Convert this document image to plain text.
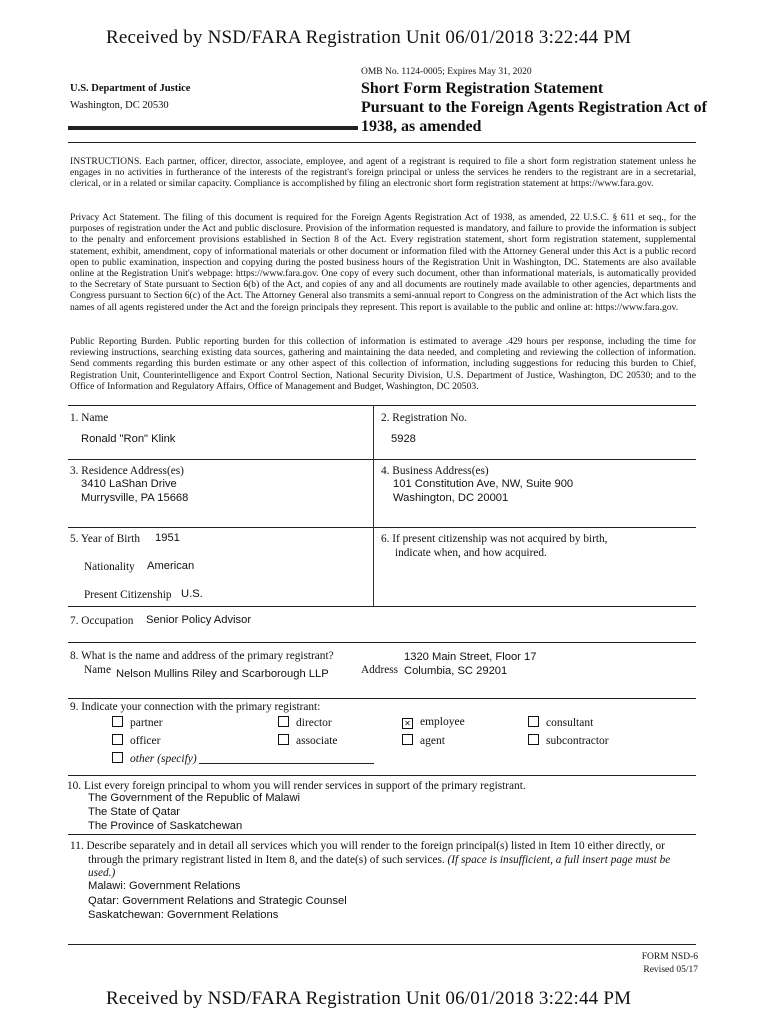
Received by NSD/FARA Registration Unit 06/01/2018 3:22:44 PM
U.S. Department of Justice
Washington, DC 20530
OMB No. 1124-0005; Expires May 31, 2020
Short Form Registration Statement
Pursuant to the Foreign Agents Registration Act of
1938, as amended
INSTRUCTIONS. Each partner, officer, director, associate, employee, and agent of a registrant is required to file a short form registration statement unless he engages in no activities in furtherance of the interests of the registrant's foreign principal or unless the services he renders to the registrant are in a secretarial, clerical, or in a related or similar capacity. Compliance is accomplished by filing an electronic short form registration statement at https://www.fara.gov.
Privacy Act Statement. The filing of this document is required for the Foreign Agents Registration Act of 1938, as amended, 22 U.S.C. § 611 et seq., for the purposes of registration under the Act and public disclosure. Provision of the information requested is mandatory, and failure to provide the information is subject to the penalty and enforcement provisions established in Section 8 of the Act. Every registration statement, short form registration statement, supplemental statement, exhibit, amendment, copy of informational materials or other document or information filed with the Attorney General under this Act is a public record open to public examination, inspection and copying during the posted business hours of the Registration Unit in Washington, DC. Statements are also available online at the Registration Unit's webpage: https://www.fara.gov. One copy of every such document, other than informational materials, is automatically provided to the Secretary of State pursuant to Section 6(b) of the Act, and copies of any and all documents are routinely made available to other agencies, departments and Congress pursuant to Section 6(c) of the Act. The Attorney General also transmits a semi-annual report to Congress on the administration of the Act which lists the names of all agents registered under the Act and the foreign principals they represent. This report is available to the public and online at: https://www.fara.gov.
Public Reporting Burden. Public reporting burden for this collection of information is estimated to average .429 hours per response, including the time for reviewing instructions, searching existing data sources, gathering and maintaining the data needed, and completing and reviewing the collection of information. Send comments regarding this burden estimate or any other aspect of this collection of information, including suggestions for reducing this burden to Chief, Registration Unit, Counterintelligence and Export Control Section, National Security Division, U.S. Department of Justice, Washington, DC 20530; and to the Office of Information and Regulatory Affairs, Office of Management and Budget, Washington, DC 20503.
1. Name
Ronald "Ron" Klink
2. Registration No.
5928
3. Residence Address(es)
3410 LaShan Drive
Murrysville, PA 15668
4. Business Address(es)
101 Constitution Ave, NW, Suite 900
Washington, DC 20001
5. Year of Birth 1951
Nationality American
Present Citizenship U.S.
6. If present citizenship was not acquired by birth,
indicate when, and how acquired.
7. Occupation Senior Policy Advisor
8. What is the name and address of the primary registrant?
Name Nelson Mullins Riley and Scarborough LLP	Address
1320 Main Street, Floor 17
Columbia, SC 29201
9. Indicate your connection with the primary registrant:
partner
officer
other (specify)
director
associate
✕ employee
agent
consultant
subcontractor
10. List every foreign principal to whom you will render services in support of the primary registrant.
The Government of the Republic of Malawi
The State of Qatar
The Province of Saskatchewan
11. Describe separately and in detail all services which you will render to the foreign principal(s) listed in Item 10 either directly, or
through the primary registrant listed in Item 8, and the date(s) of such services. (If space is insufficient, a full insert page must be
used.)
Malawi: Government Relations
Qatar: Government Relations and Strategic Counsel
Saskatchewan: Government Relations
FORM NSD-6
Revised 05/17
Received by NSD/FARA Registration Unit 06/01/2018 3:22:44 PM
